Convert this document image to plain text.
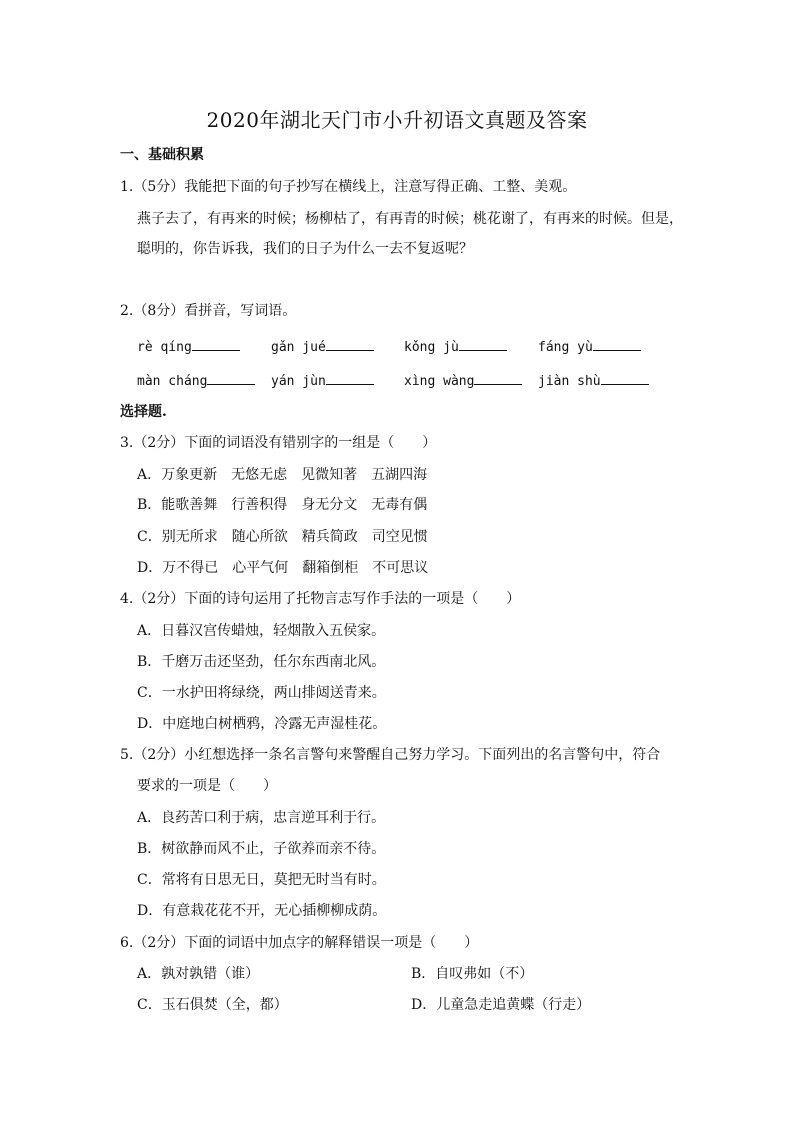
2020年湖北天门市小升初语文真题及答案
一、基础积累
1.（5分）我能把下面的句子抄写在横线上，注意写得正确、工整、美观。
燕子去了，有再来的时候；杨柳枯了，有再青的时候；桃花谢了，有再来的时候。但是，
聪明的，你告诉我，我们的日子为什么一去不复返呢？
2.（8分）看拼音，写词语。
rè qíng	gǎn jué	kǒng jù	fáng yù
màn cháng	yán jùn	xìng wàng	jiàn shù
选择题.
3.（2分）下面的词语没有错别字的一组是（　　）
A．万象更新　无悠无虑　见微知著　五湖四海
B．能歌善舞　行善积得　身无分文　无毒有偶
C．别无所求　随心所欲　精兵简政　司空见惯
D．万不得已　心平气何　翻箱倒柜　不可思议
4.（2分）下面的诗句运用了托物言志写作手法的一项是（　　）
A．日暮汉宫传蜡烛，轻烟散入五侯家。
B．千磨万击还坚劲，任尔东西南北风。
C．一水护田将绿绕，两山排闼送青来。
D．中庭地白树栖鸦，冷露无声湿桂花。
5.（2分）小红想选择一条名言警句来警醒自己努力学习。下面列出的名言警句中，符合
要求的一项是（　　）
A．良药苦口利于病，忠言逆耳利于行。
B．树欲静而风不止，子欲养而亲不待。
C．常将有日思无日，莫把无时当有时。
D．有意栽花花不开，无心插柳柳成荫。
6.（2分）下面的词语中加点字的解释错误一项是（　　）
A．孰对孰错（谁）	B．自叹弗如（不）
C．玉石俱焚（全，都）	D．儿童急走追黄蝶（行走）
